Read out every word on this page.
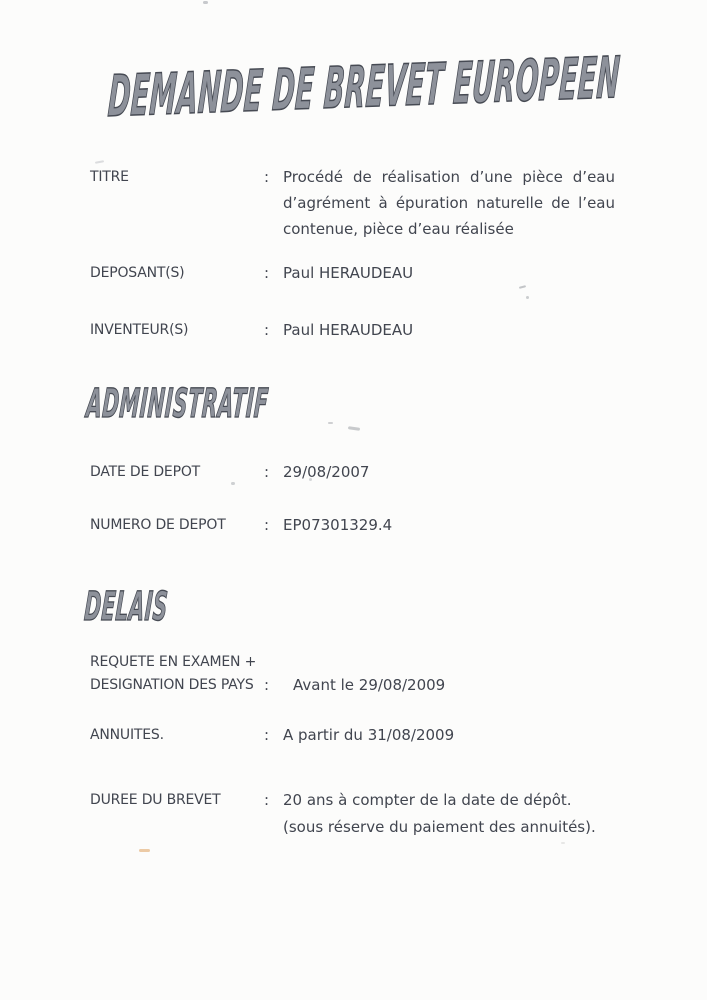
DEMANDE DE BREVET EUROPEEN
TITRE	: Procédé de réalisation d’une pièce d’eau
d’agrément à épuration naturelle de l’eau
contenue, pièce d’eau réalisée
DEPOSANT(S)	: Paul HERAUDEAU
INVENTEUR(S)	: Paul HERAUDEAU
ADMINISTRATIF
DATE DE DEPOT	: 29/08/2007
NUMERO DE DEPOT	: EP07301329.4
DELAIS
REQUETE EN EXAMEN +
DESIGNATION DES PAYS : Avant le 29/08/2009
ANNUITES.	: A partir du 31/08/2009
DUREE DU BREVET	: 20 ans à compter de la date de dépôt.
(sous réserve du paiement des annuités).
